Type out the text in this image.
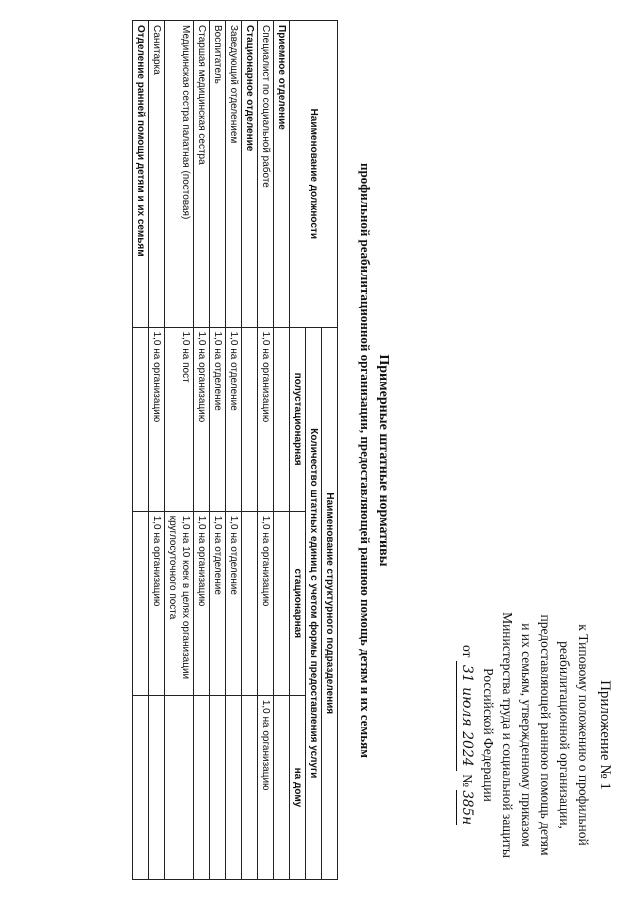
Приложение № 1
к Типовому положению о профильной
реабилитационной организации,
предоставляющей раннюю помощь детям
и их семьям, утвержденному приказом
Министерства труда и социальной защиты
Российской Федерации
от 31 июля 2024 № 385н
Примерные штатные нормативы
профильной реабилитационной организации, предоставляющей раннюю помощь детям и их семьям
Наименование должности	Наименование структурного подразделения		
	Количество штатных единиц с учетом формы предоставления услуги		
	полустационарная	стационарная	на дому
Приемное отделение			
Специалист по социальной работе	1,0 на организацию	1,0 на организацию	1,0 на организацию
Стационарное отделение			
Заведующий отделением	1,0 на отделение	1,0 на отделение	
Воспитатель	1,0 на отделение	1,0 на отделение	
Старшая медицинская сестра	1,0 на организацию	1,0 на организацию	
Медицинская сестра палатная (постовая)	1,0 на пост	1,0 на 10 коек в целях организации круглосуточного поста	
Санитарка	1,0 на организацию	1,0 на организацию	
Отделение ранней помощи детям и их семьям			
